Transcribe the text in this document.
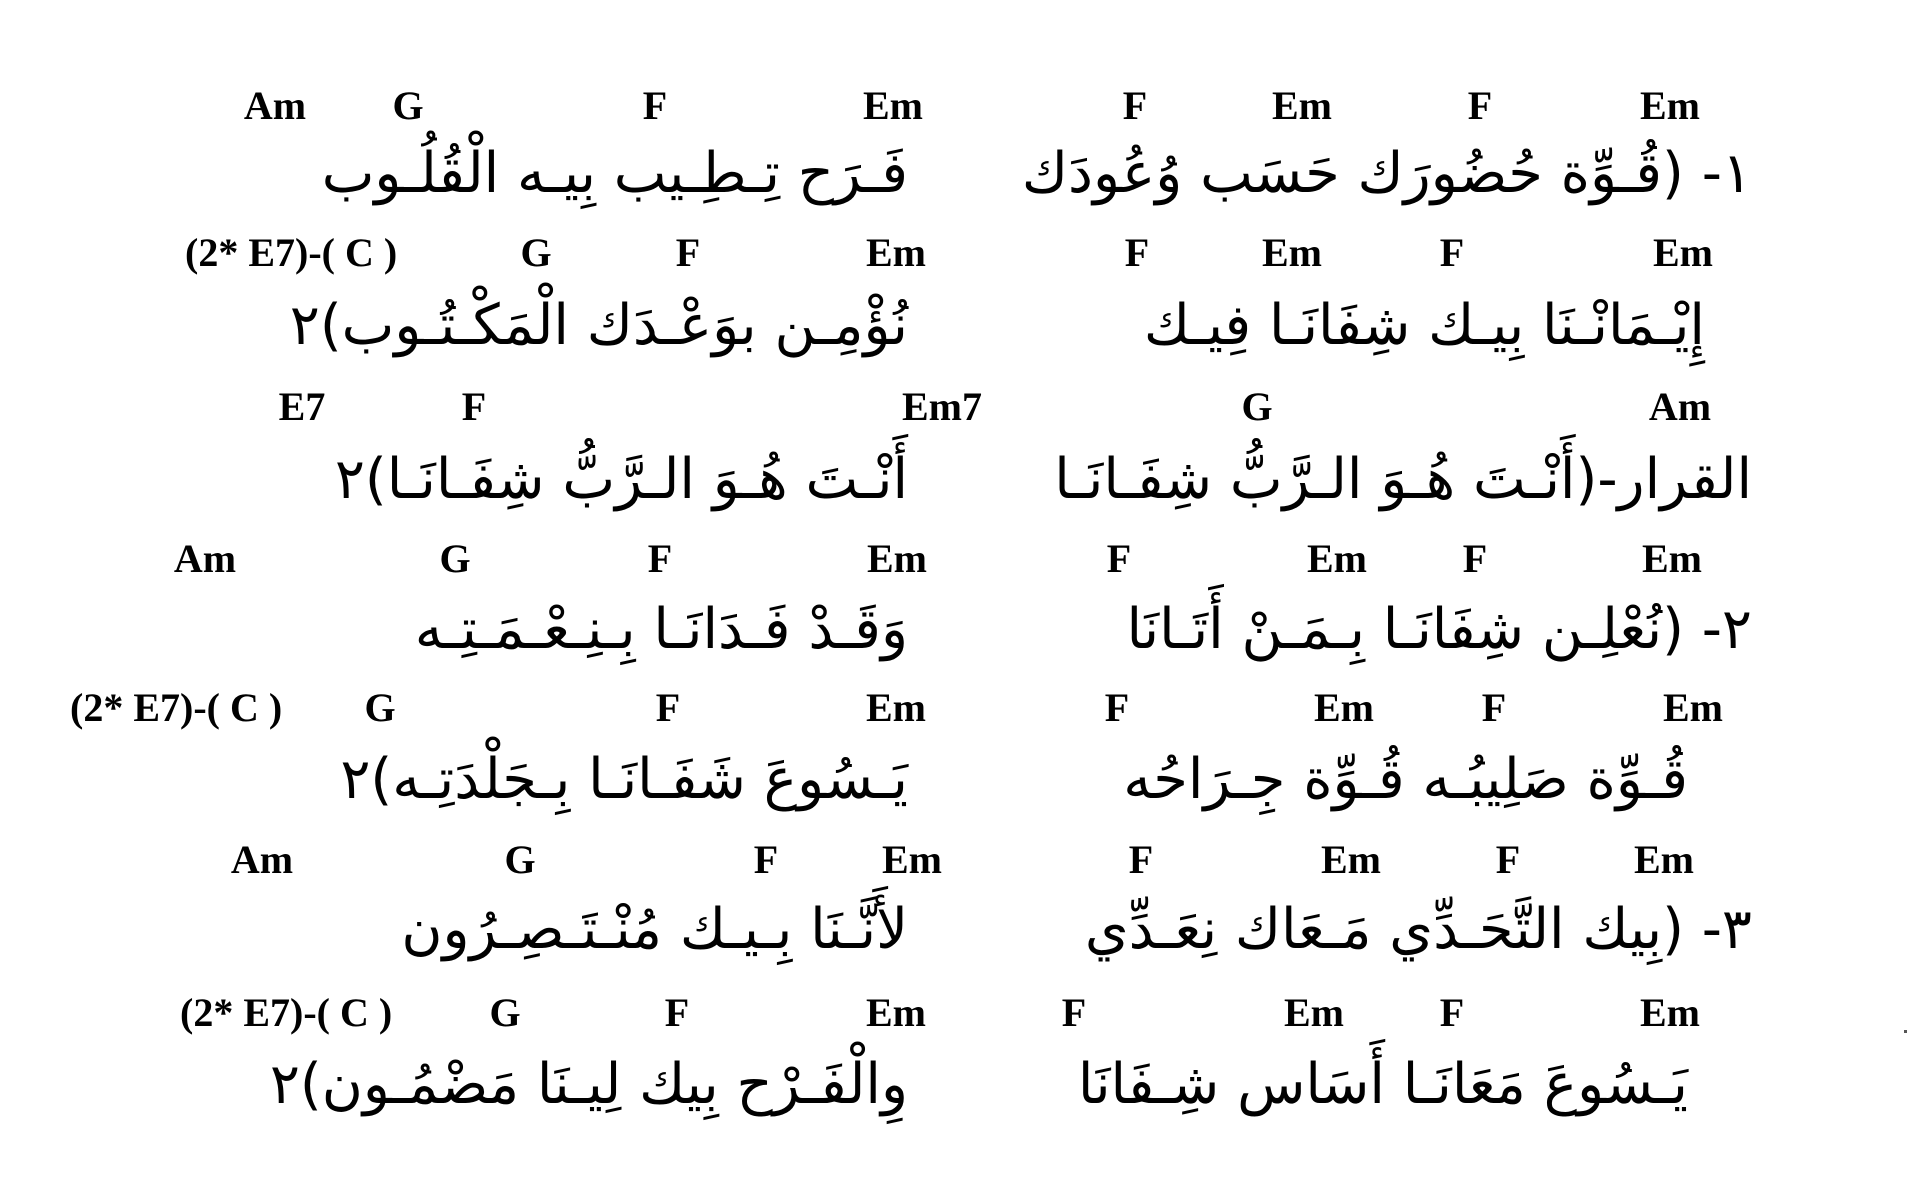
Am G	F	Em	F	Em	F	Em
فَـرَح تِـطِـيب بِيـه الْقُلُـوب ١- (قُـوِّة حُضُورَك حَسَب وُعُودَك
(2* E7)-( C )	G	F	Em	F	Em	F	Em
نُؤْمِـن بوَعْـدَك الْمَكْـتُـوب)٢	إِيْـمَانْـنَا بِيـك شِفَانَـا فِيـك
E7	F	Em7	G	Am
أَنْـتَ هُـوَ الـرَّبُّ شِفَـانَـا)٢	القرار-(أَنْـتَ هُـوَ الـرَّبُّ شِفَـانَـا
Am	G	F	Em	F	Em F	Em
وَقَـدْ فَـدَانَـا بِـنِـعْـمَـتِـه	٢- (نُعْلِـن شِفَانَـا بِـمَـنْ أَتَـانَا
(2* E7)-( C ) G	F	Em	F	Em	F	Em
يَـسُوعَ شَفَـانَـا بِـجَلْدَتِـه)٢	قُـوِّة صَلِيبُـه قُـوِّة جِـرَاحُه
Am	G	F	Em	F	Em	F	Em
لأَنَّـنَا بِـيـك مُنْـتَـصِـرُون	٣- (بِيك التَّحَـدِّي مَـعَاك نِعَـدِّي
(2* E7)-( C ) G	F	Em	F	Em F	Em
وِالْفَـرْح بِيك لِيـنَا مَضْمُـون)٢	يَـسُوعَ مَعَانَـا أَسَاس شِـفَانَا
